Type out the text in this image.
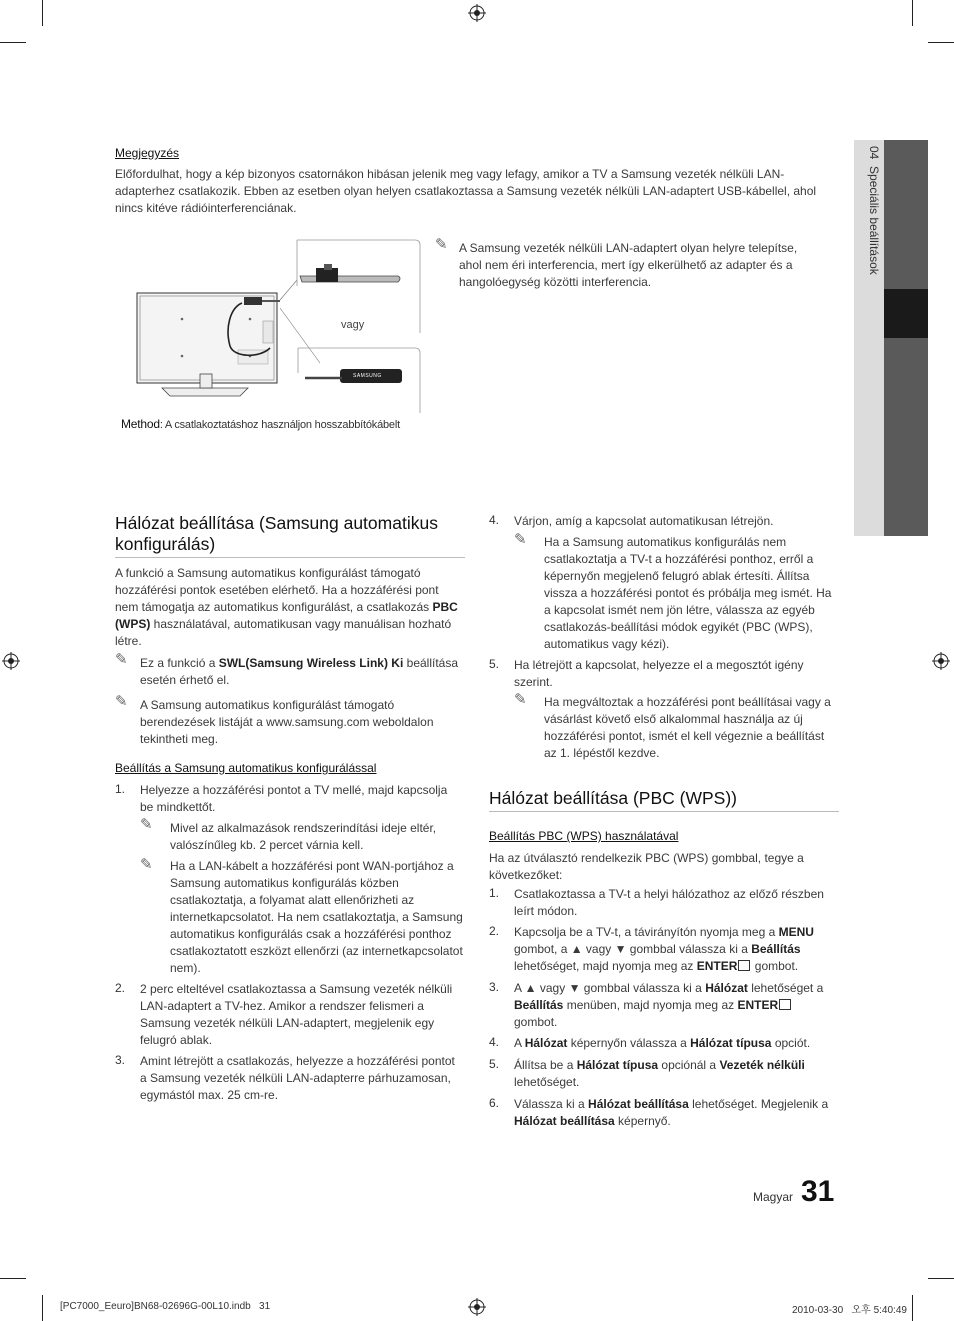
04  Speciális beállítások
Megjegyzés
Előfordulhat, hogy a kép bizonyos csatornákon hibásan jelenik meg vagy lefagy, amikor a TV a Samsung vezeték nélküli LAN-adapterhez csatlakozik. Ebben az esetben olyan helyen csatlakoztassa a Samsung vezeték nélküli LAN-adaptert USB-kábellel, ahol nincs kitéve rádióinterferenciának.
vagy
SAMSUNG
Method: A csatlakoztatáshoz használjon hosszabbítókábelt
✎ A Samsung vezeték nélküli LAN-adaptert olyan helyre telepítse, ahol nem éri interferencia, mert így elkerülhető az adapter és a hangolóegység közötti interferencia.
Hálózat beállítása (Samsung automatikus konfigurálás)
A funkció a Samsung automatikus konfigurálást támogató hozzáférési pontok esetében elérhető. Ha a hozzáférési pont nem támogatja az automatikus konfigurálást, a csatlakozás PBC (WPS) használatával, automatikusan vagy manuálisan hozható létre.
✎ Ez a funkció a SWL(Samsung Wireless Link) Ki beállítása esetén érhető el.
✎ A Samsung automatikus konfigurálást támogató berendezések listáját a www.samsung.com weboldalon tekintheti meg.
Beállítás a Samsung automatikus konfigurálással
1. Helyezze a hozzáférési pontot a TV mellé, majd kapcsolja be mindkettőt.
✎ Mivel az alkalmazások rendszerindítási ideje eltér, valószínűleg kb. 2 percet várnia kell.
✎ Ha a LAN-kábelt a hozzáférési pont WAN-portjához a Samsung automatikus konfigurálás közben csatlakoztatja, a folyamat alatt ellenőrizheti az internetkapcsolatot. Ha nem csatlakoztatja, a Samsung automatikus konfigurálás csak a hozzáférési ponthoz csatlakoztatott eszközt ellenőrzi (az internetkapcsolatot nem).
2. 2 perc elteltével csatlakoztassa a Samsung vezeték nélküli LAN-adaptert a TV-hez. Amikor a rendszer felismeri a Samsung vezeték nélküli LAN-adaptert, megjelenik egy felugró ablak.
3. Amint létrejött a csatlakozás, helyezze a hozzáférési pontot a Samsung vezeték nélküli LAN-adapterre párhuzamosan, egymástól max. 25 cm-re.
4. Várjon, amíg a kapcsolat automatikusan létrejön.
✎ Ha a Samsung automatikus konfigurálás nem csatlakoztatja a TV-t a hozzáférési ponthoz, erről a képernyőn megjelenő felugró ablak értesíti. Állítsa vissza a hozzáférési pontot és próbálja meg ismét. Ha a kapcsolat ismét nem jön létre, válassza az egyéb csatlakozás-beállítási módok egyikét (PBC (WPS), automatikus vagy kézi).
5. Ha létrejött a kapcsolat, helyezze el a megosztót igény szerint.
✎ Ha megváltoztak a hozzáférési pont beállításai vagy a vásárlást követő első alkalommal használja az új hozzáférési pontot, ismét el kell végeznie a beállítást az 1. lépéstől kezdve.
Hálózat beállítása (PBC (WPS))
Beállítás PBC (WPS) használatával
Ha az útválasztó rendelkezik PBC (WPS) gombbal, tegye a következőket:
1. Csatlakoztassa a TV-t a helyi hálózathoz az előző részben leírt módon.
2. Kapcsolja be a TV-t, a távirányítón nyomja meg a MENU gombot, a ▲ vagy ▼ gombbal válassza ki a Beállítás lehetőséget, majd nyomja meg az ENTER gombot.
3. A ▲ vagy ▼ gombbal válassza ki a Hálózat lehetőséget a Beállítás menüben, majd nyomja meg az ENTER gombot.
4. A Hálózat képernyőn válassza a Hálózat típusa opciót.
5. Állítsa be a Hálózat típusa opciónál a Vezeték nélküli lehetőséget.
6. Válassza ki a Hálózat beállítása lehetőséget. Megjelenik a Hálózat beállítása képernyő.
Magyar 31
[PC7000_Eeuro]BN68-02696G-00L10.indb   31	2010-03-30   오후 5:40:49
